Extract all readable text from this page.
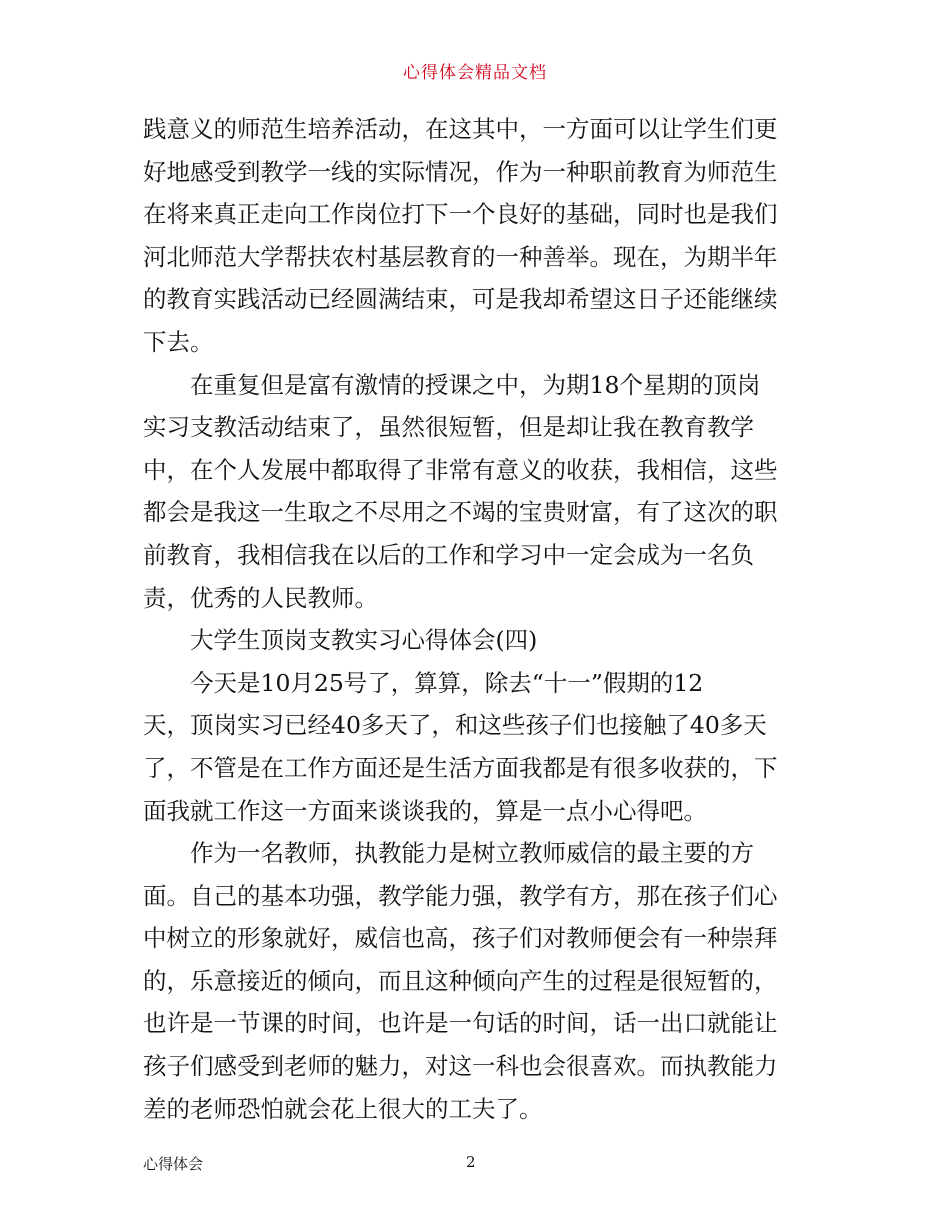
心得体会精品文档
践意义的师范生培养活动，在这其中，一方面可以让学生们更
好地感受到教学一线的实际情况，作为一种职前教育为师范生
在将来真正走向工作岗位打下一个良好的基础，同时也是我们
河北师范大学帮扶农村基层教育的一种善举。现在，为期半年
的教育实践活动已经圆满结束，可是我却希望这日子还能继续
下去。
在重复但是富有激情的授课之中，为期18个星期的顶岗
实习支教活动结束了，虽然很短暂，但是却让我在教育教学
中，在个人发展中都取得了非常有意义的收获，我相信，这些
都会是我这一生取之不尽用之不竭的宝贵财富，有了这次的职
前教育，我相信我在以后的工作和学习中一定会成为一名负
责，优秀的人民教师。
大学生顶岗支教实习心得体会(四)
今天是10月25号了，算算，除去“十一”假期的12
天，顶岗实习已经40多天了，和这些孩子们也接触了40多天
了，不管是在工作方面还是生活方面我都是有很多收获的，下
面我就工作这一方面来谈谈我的，算是一点小心得吧。
作为一名教师，执教能力是树立教师威信的最主要的方
面。自己的基本功强，教学能力强，教学有方，那在孩子们心
中树立的形象就好，威信也高，孩子们对教师便会有一种崇拜
的，乐意接近的倾向，而且这种倾向产生的过程是很短暂的，
也许是一节课的时间，也许是一句话的时间，话一出口就能让
孩子们感受到老师的魅力，对这一科也会很喜欢。而执教能力
差的老师恐怕就会花上很大的工夫了。
心得体会	2
